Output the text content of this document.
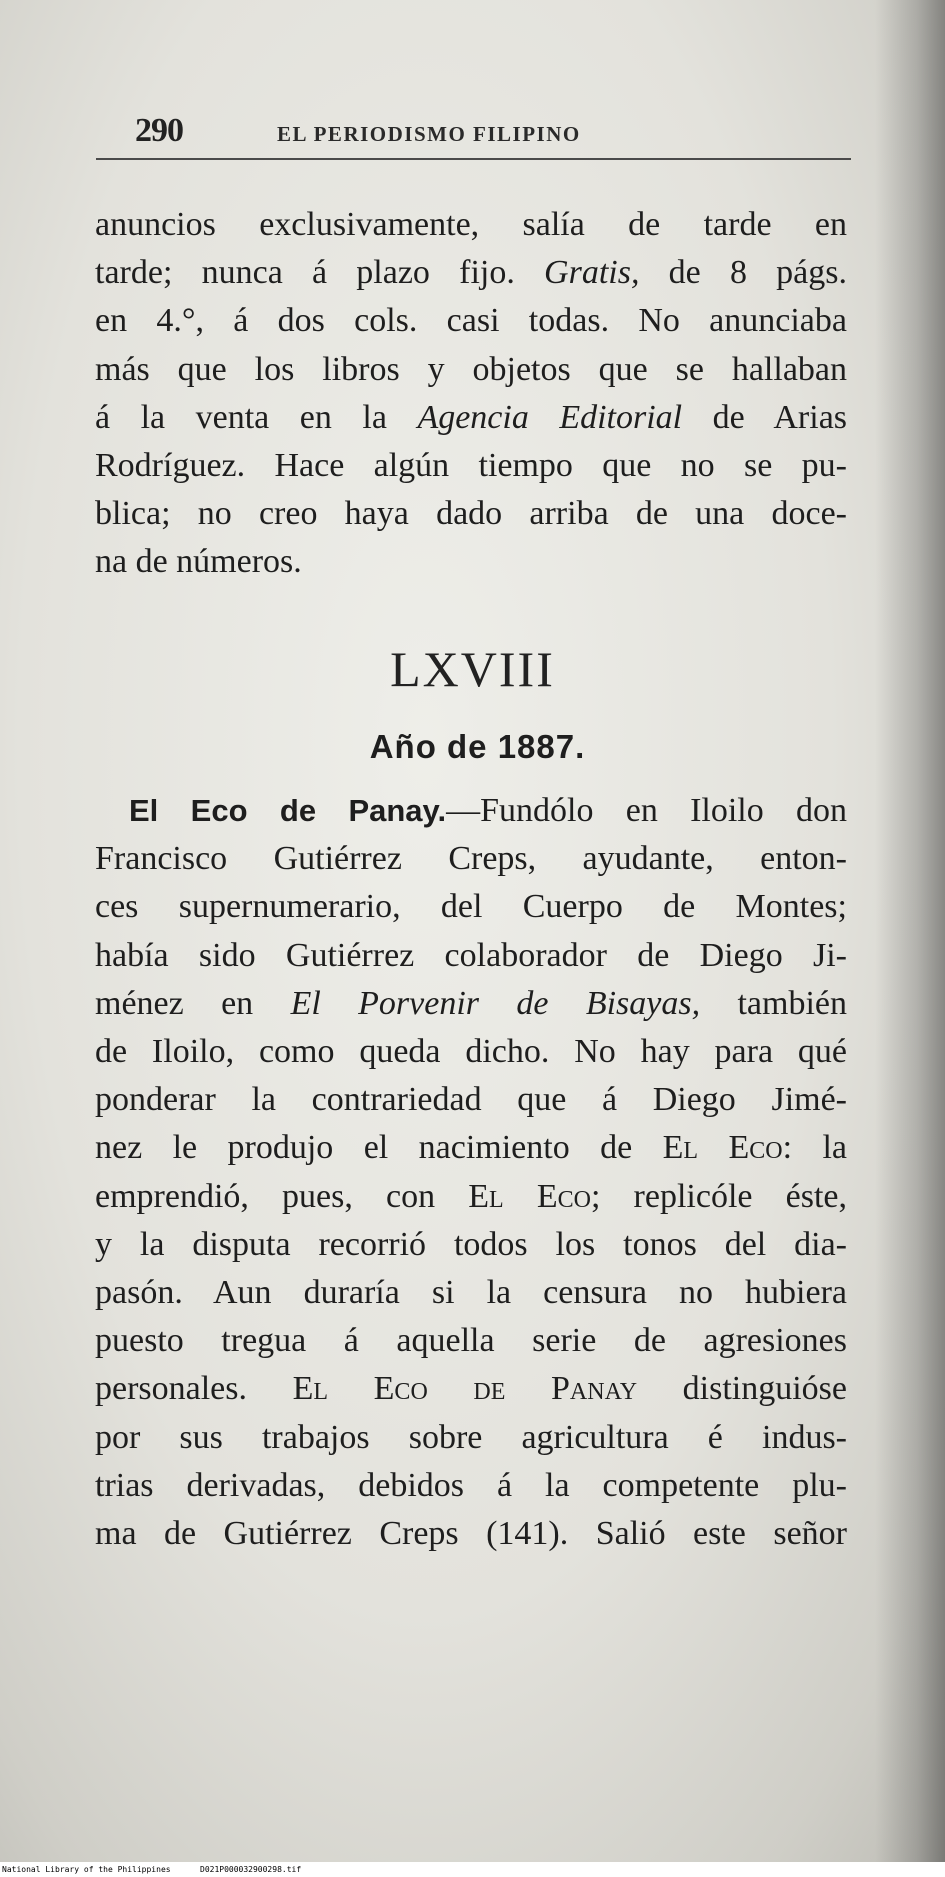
290	EL PERIODISMO FILIPINO
anuncios exclusivamente, salía de tarde en
tarde; nunca á plazo fijo. Gratis, de 8 págs.
en 4.°, á dos cols. casi todas. No anunciaba
más que los libros y objetos que se hallaban
á la venta en la Agencia Editorial de Arias
Rodríguez. Hace algún tiempo que no se pu-
blica; no creo haya dado arriba de una doce-
na de números.
LXVIII
Año de 1887.
 El Eco de Panay.—Fundólo en Iloilo don
Francisco Gutiérrez Creps, ayudante, enton-
ces supernumerario, del Cuerpo de Montes;
había sido Gutiérrez colaborador de Diego Ji-
ménez en El Porvenir de Bisayas, también
de Iloilo, como queda dicho. No hay para qué
ponderar la contrariedad que á Diego Jimé-
nez le produjo el nacimiento de El Eco: la
emprendió, pues, con El Eco; replicóle éste,
y la disputa recorrió todos los tonos del dia-
pasón. Aun duraría si la censura no hubiera
puesto tregua á aquella serie de agresiones
personales. El Eco de Panay distinguióse
por sus trabajos sobre agricultura é indus-
trias derivadas, debidos á la competente plu-
ma de Gutiérrez Creps (141). Salió este señor
National Library of the Philippines	D021P000032900298.tif
